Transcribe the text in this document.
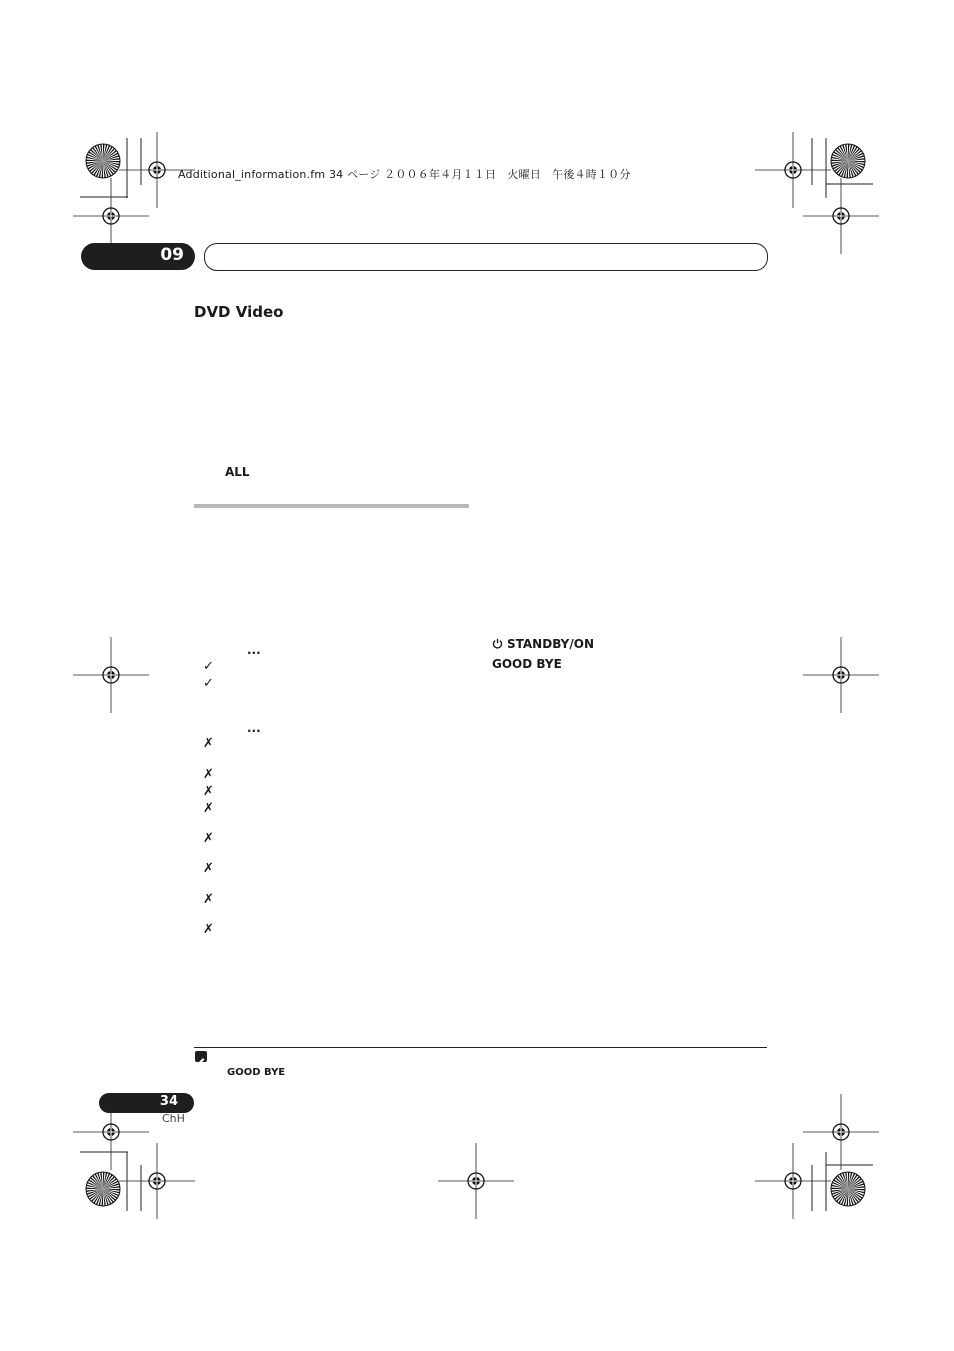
Additional_information.fm 34 ページ ２００６年４月１１日　火曜日　午後４時１０分
09
DVD Video
ALL
...
✓
✓
...
✗
✗
✗
✗
✗
✗
✗
✗
STANDBY/ON
GOOD BYE
GOOD BYE
34
ChH
